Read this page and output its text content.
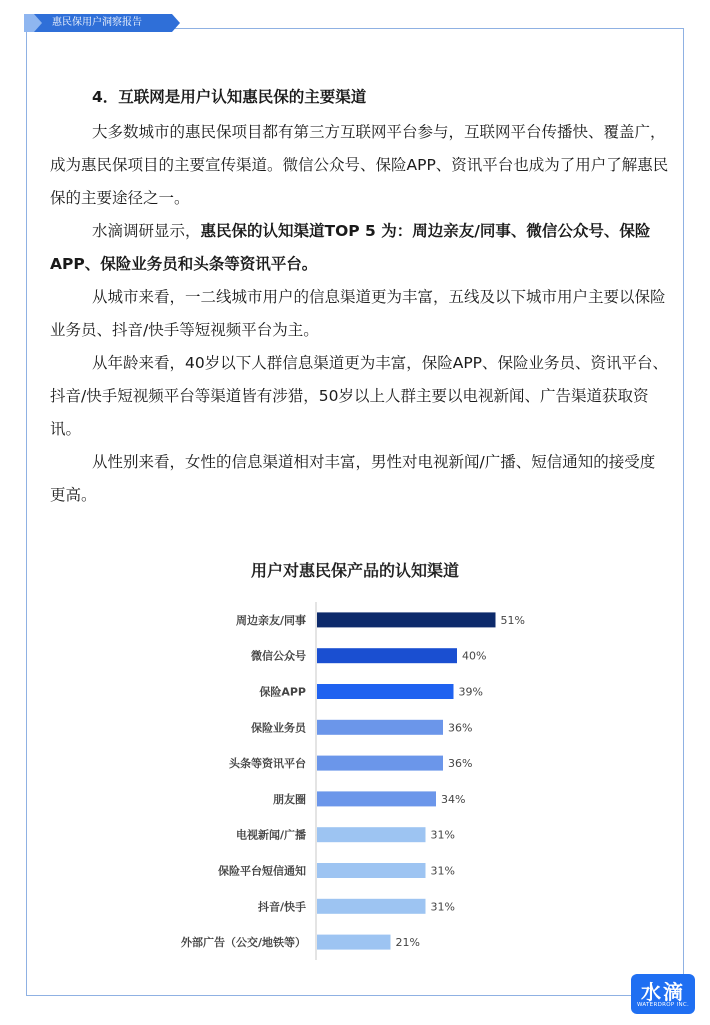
惠民保用户洞察报告

4．互联网是用户认知惠民保的主要渠道

大多数城市的惠民保项目都有第三方互联网平台参与，互联网平台传播快、覆盖广，成为惠民保项目的主要宣传渠道。微信公众号、保险APP、资讯平台也成为了用户了解惠民保的主要途径之一。

水滴调研显示，惠民保的认知渠道TOP 5 为：周边亲友/同事、微信公众号、保险APP、保险业务员和头条等资讯平台。

从城市来看，一二线城市用户的信息渠道更为丰富，五线及以下城市用户主要以保险业务员、抖音/快手等短视频平台为主。

从年龄来看，40岁以下人群信息渠道更为丰富，保险APP、保险业务员、资讯平台、抖音/快手短视频平台等渠道皆有涉猎，50岁以上人群主要以电视新闻、广告渠道获取资讯。

从性别来看，女性的信息渠道相对丰富，男性对电视新闻/广播、短信通知的接受度更高。

用户对惠民保产品的认知渠道
周边亲友/同事	51%
微信公众号	40%
保险APP	39%
保险业务员	36%
头条等资讯平台	36%
朋友圈	34%
电视新闻/广播	31%
保险平台短信通知	31%
抖音/快手	31%
外部广告（公交/地铁等）	21%
水滴
WATERDROP INC.
